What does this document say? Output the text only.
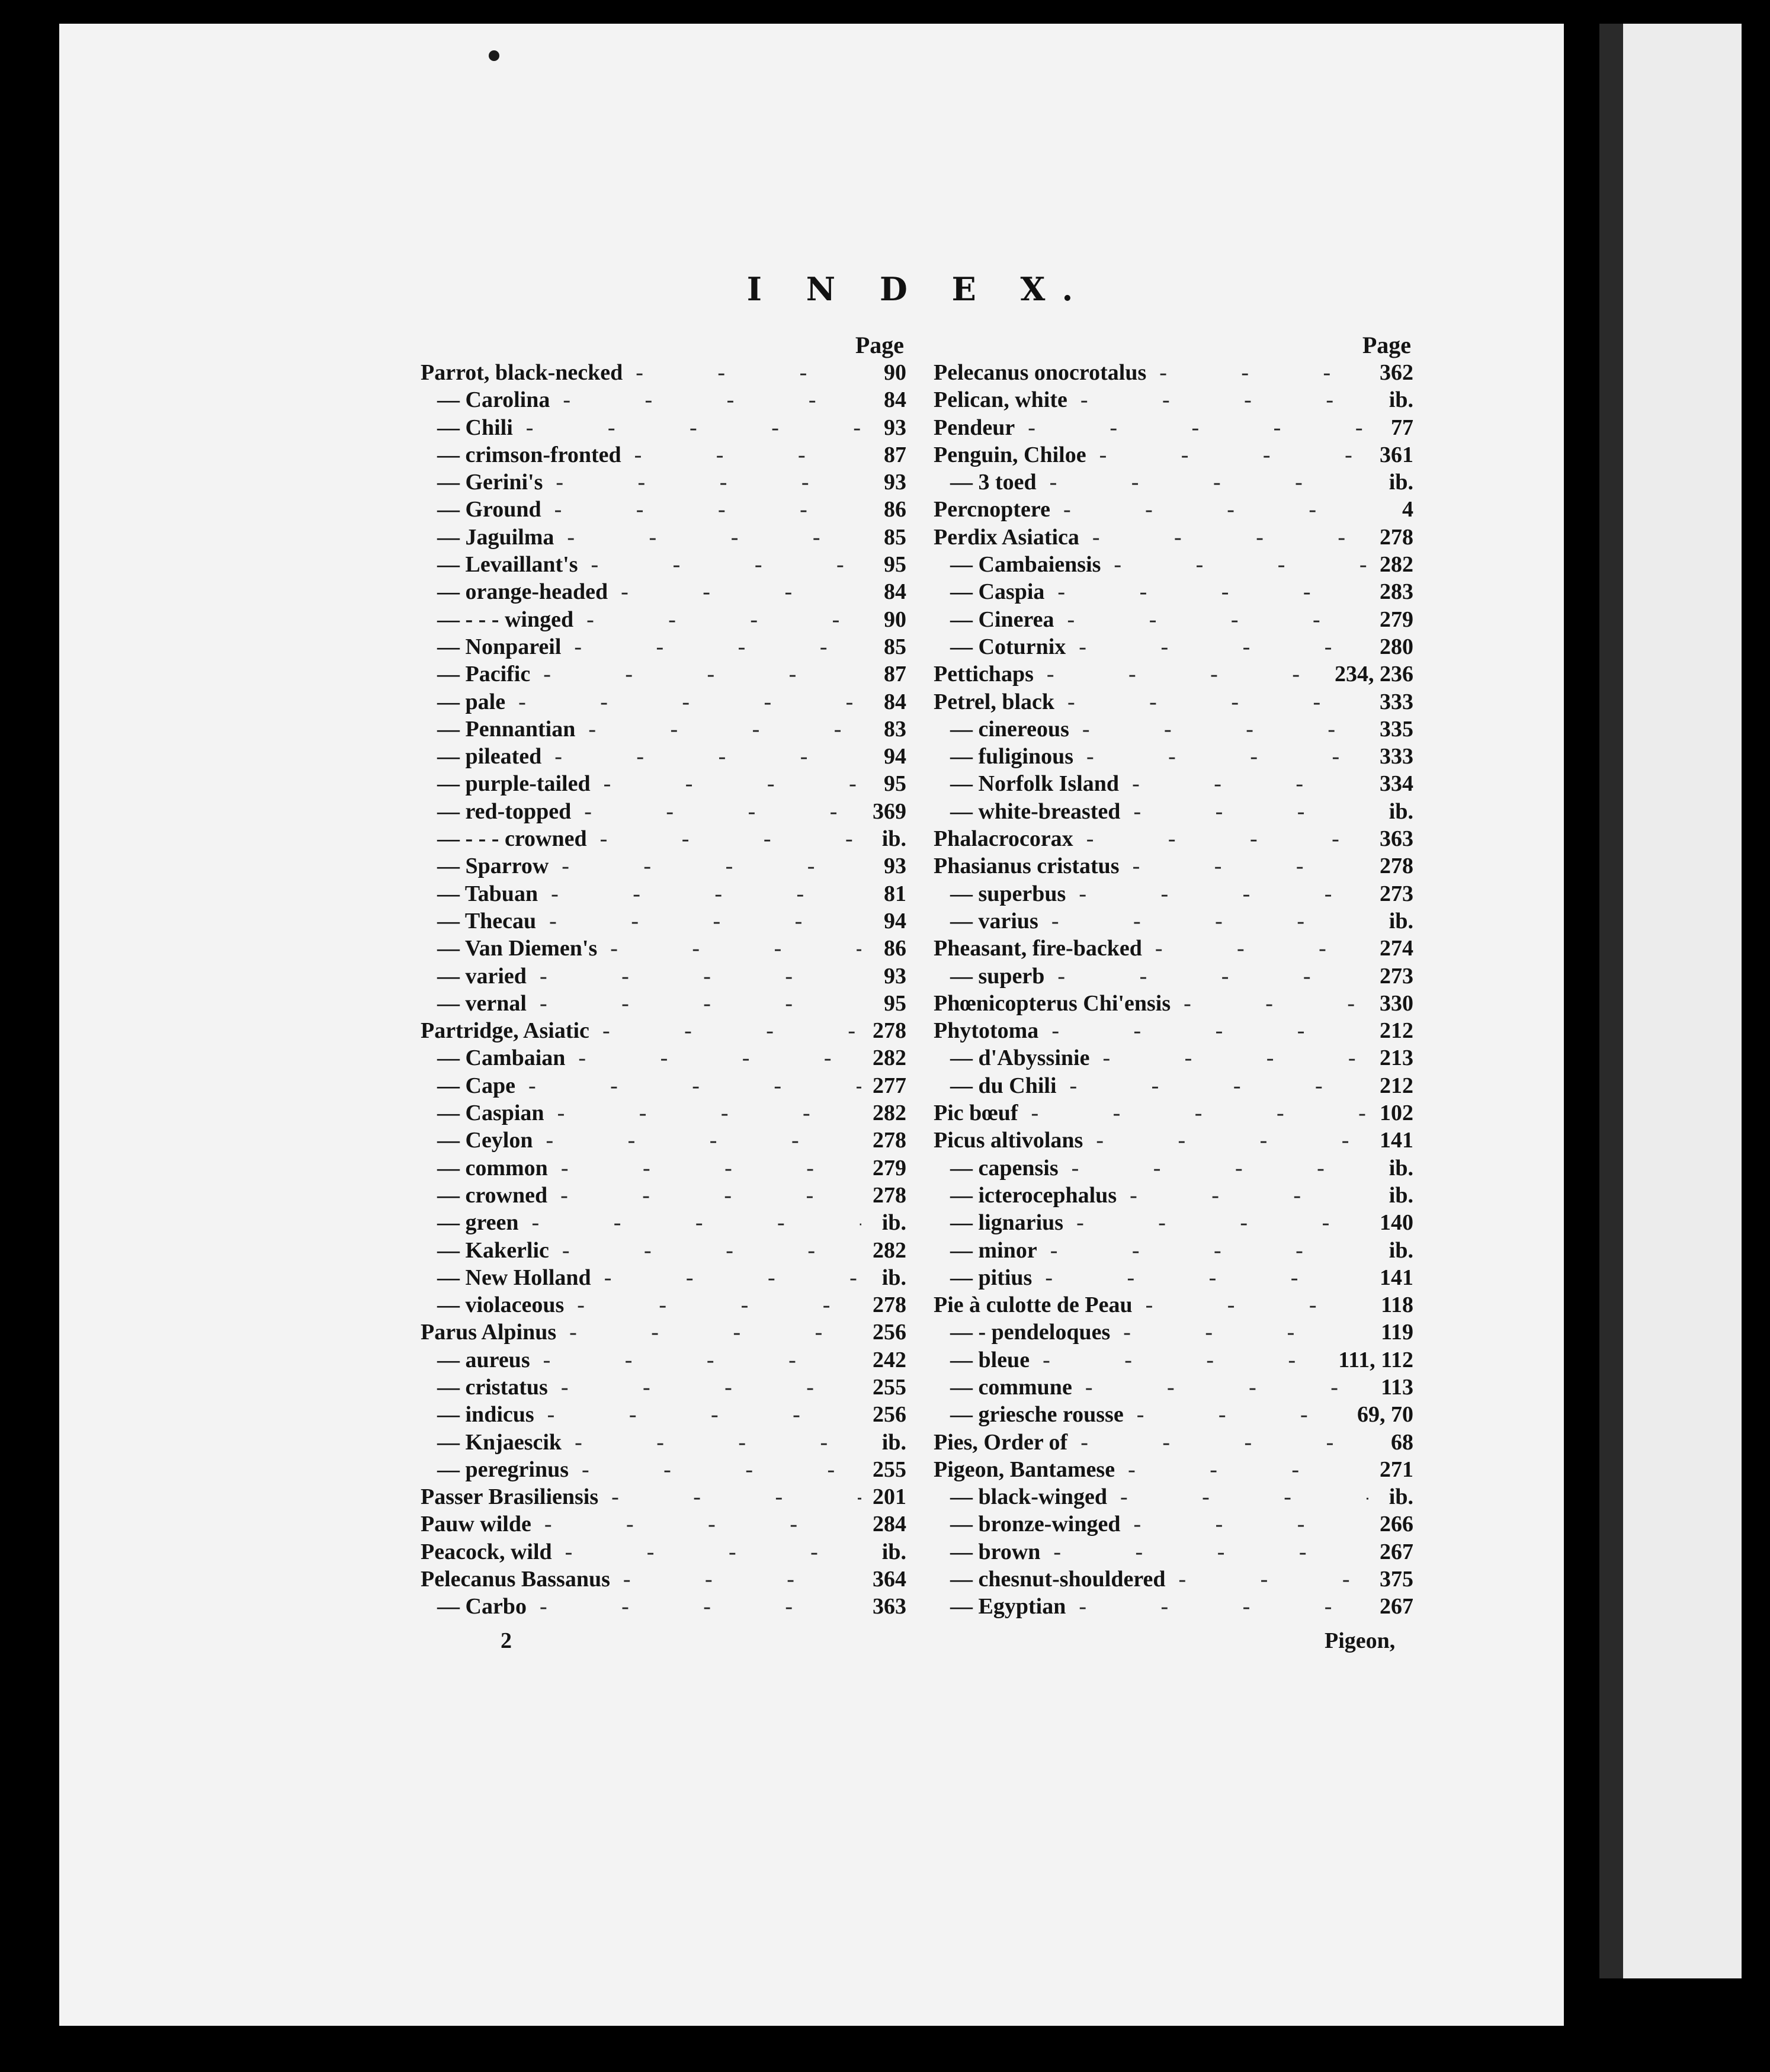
I N D E X.
Page
Parrot, black-necked - - -	90
— Carolina - - -	84
— Chili - - -	93
— crimson-fronted - - -	87
— Gerini's - - -	93
— Ground - - -	86
— Jaguilma - - -	85
— Levaillant's - - -	95
— orange-headed - - -	84
— - - - winged - - -	90
— Nonpareil - - -	85
— Pacific - - -	87
— pale - - -	84
— Pennantian - - -	83
— pileated - - -	94
— purple-tailed - - -	95
— red-topped - - -	369
— - - - crowned - - -	ib.
— Sparrow - - -	93
— Tabuan - - -	81
— Thecau - - -	94
— Van Diemen's - - -	86
— varied - - -	93
— vernal - - -	95
Partridge, Asiatic - - -	278
— Cambaian - - -	282
— Cape - - -	277
— Caspian - - -	282
— Ceylon - - -	278
— common - - -	279
— crowned - - -	278
— green - - -	ib.
— Kakerlic - - -	282
— New Holland - - -	ib.
— violaceous - - -	278
Parus Alpinus - - -	256
— aureus - - -	242
— cristatus - - -	255
— indicus - - -	256
— Knjaescik - - -	ib.
— peregrinus - - -	255
Passer Brasiliensis - - -	201
Pauw wilde - - -	284
Peacock, wild - - -	ib.
Pelecanus Bassanus - - -	364
— Carbo - - -	363
Page
Pelecanus onocrotalus - - -	362
Pelican, white - - -	ib.
Pendeur - - -	77
Penguin, Chiloe - - -	361
— 3 toed - - -	ib.
Percnoptere - - -	4
Perdix Asiatica - - -	278
— Cambaiensis - - -	282
— Caspia - - -	283
— Cinerea - - -	279
— Coturnix - - -	280
Pettichaps - - -	234, 236
Petrel, black - - -	333
— cinereous - - -	335
— fuliginous - - -	333
— Norfolk Island - - -	334
— white-breasted - - -	ib.
Phalacrocorax - - -	363
Phasianus cristatus - - -	278
— superbus - - -	273
— varius - - -	ib.
Pheasant, fire-backed - - -	274
— superb - - -	273
Phœnicopterus Chi'ensis - - -	330
Phytotoma - - -	212
— d'Abyssinie - - -	213
— du Chili - - -	212
Pic bœuf - - -	102
Picus altivolans - - -	141
— capensis - - -	ib.
— icterocephalus - - -	ib.
— lignarius - - -	140
— minor - - -	ib.
— pitius - - -	141
Pie à culotte de Peau - - -	118
— - pendeloques - - -	119
— bleue - - -	111, 112
— commune - - -	113
— griesche rousse - - -	69, 70
Pies, Order of - - -	68
Pigeon, Bantamese - - -	271
— black-winged - - -	ib.
— bronze-winged - - -	266
— brown - - -	267
— chesnut-shouldered - - -	375
— Egyptian - - -	267
2	Pigeon,
